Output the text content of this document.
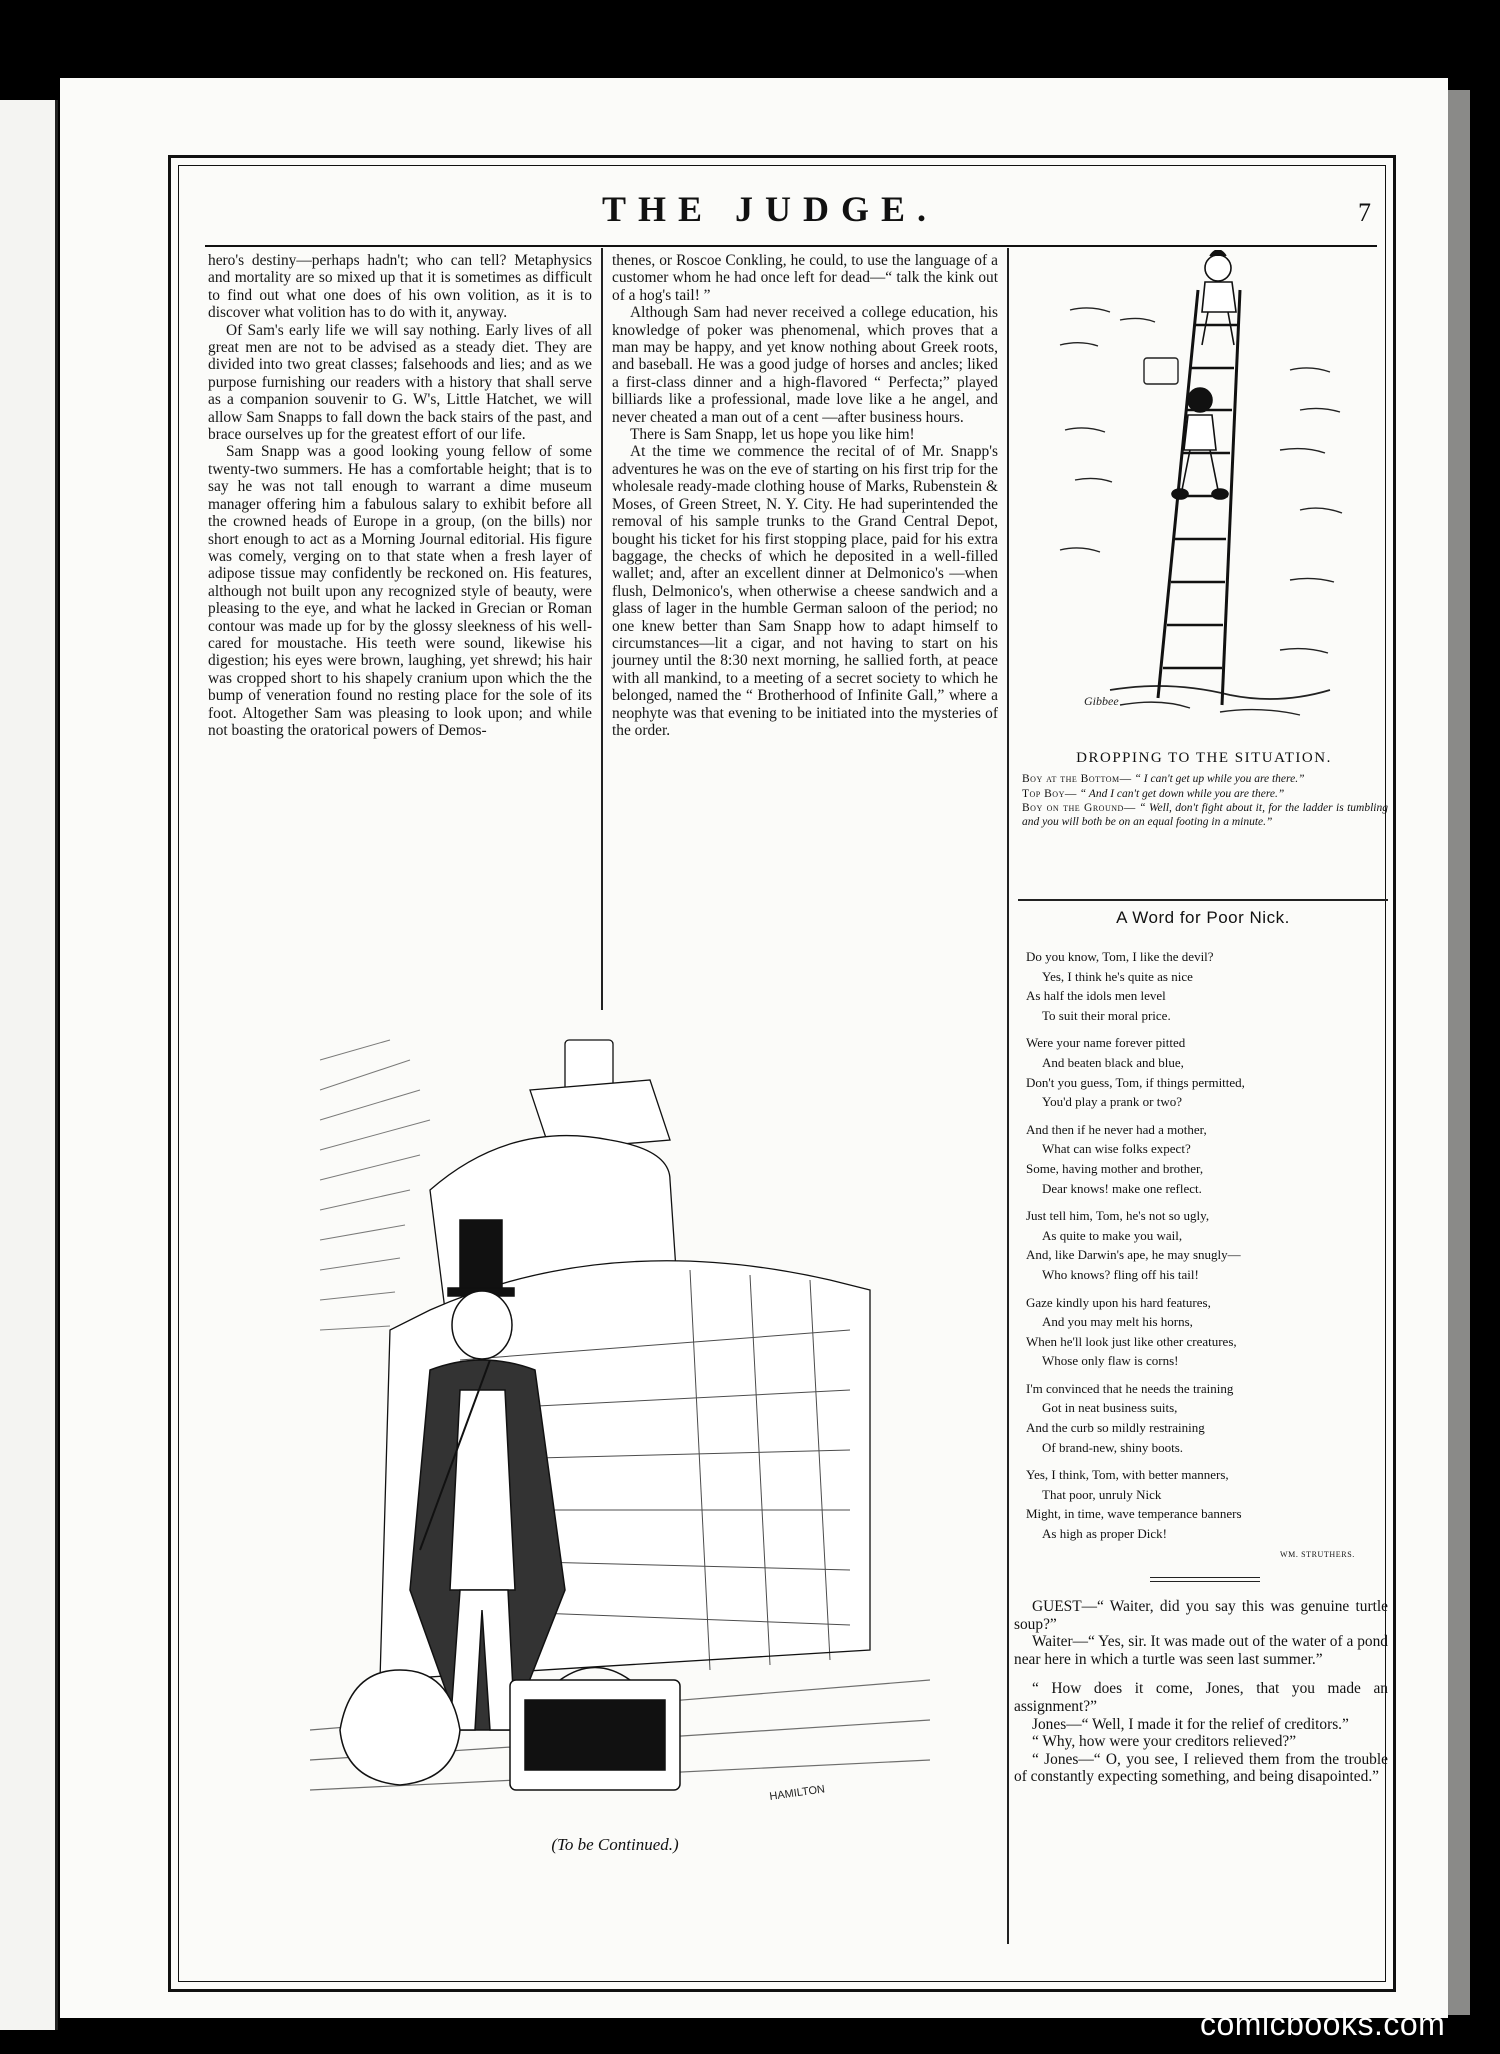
THE JUDGE.	7

hero's destiny—perhaps hadn't; who can tell? Metaphysics and mortality are so mixed up that it is sometimes as difficult to find out what one does of his own volition, as it is to discover what volition has to do with it, anyway.

Of Sam's early life we will say nothing. Early lives of all great men are not to be advised as a steady diet. They are divided into two great classes; falsehoods and lies; and as we purpose furnishing our readers with a history that shall serve as a companion souvenir to G. W's, Little Hatchet, we will allow Sam Snapps to fall down the back stairs of the past, and brace ourselves up for the greatest effort of our life.

Sam Snapp was a good looking young fellow of some twenty-two summers. He has a comfortable height; that is to say he was not tall enough to warrant a dime museum manager offering him a fabulous salary to exhibit before all the crowned heads of Europe in a group, (on the bills) nor short enough to act as a Morning Journal editorial. His figure was comely, verging on to that state when a fresh layer of adipose tissue may confidently be reckoned on. His features, although not built upon any recognized style of beauty, were pleasing to the eye, and what he lacked in Grecian or Roman contour was made up for by the glossy sleekness of his well-cared for moustache. His teeth were sound, likewise his digestion; his eyes were brown, laughing, yet shrewd; his hair was cropped short to his shapely cranium upon which the the bump of veneration found no resting place for the sole of its foot. Altogether Sam was pleasing to look upon; and while not boasting the oratorical powers of Demos-

thenes, or Roscoe Conkling, he could, to use the language of a customer whom he had once left for dead—“ talk the kink out of a hog's tail! ”

Although Sam had never received a college education, his knowledge of poker was phenomenal, which proves that a man may be happy, and yet know nothing about Greek roots, and baseball. He was a good judge of horses and ancles; liked a first-class dinner and a high-flavored “ Perfecta;” played billiards like a professional, made love like a he angel, and never cheated a man out of a cent —after business hours.

There is Sam Snapp, let us hope you like him!

At the time we commence the recital of of Mr. Snapp's adventures he was on the eve of starting on his first trip for the wholesale ready-made clothing house of Marks, Rubenstein & Moses, of Green Street, N. Y. City. He had superintended the removal of his sample trunks to the Grand Central Depot, bought his ticket for his first stopping place, paid for his extra baggage, the checks of which he deposited in a well-filled wallet; and, after an excellent dinner at Delmonico's —when flush, Delmonico's, when otherwise a cheese sandwich and a glass of lager in the humble German saloon of the period; no one knew better than Sam Snapp how to adapt himself to circumstances—lit a cigar, and not having to start on his journey until the 8:30 next morning, he sallied forth, at peace with all mankind, to a meeting of a secret society to which he belonged, named the “ Brotherhood of Infinite Gall,” where a neophyte was that evening to be initiated into the mysteries of the order.

Gibbee
DROPPING TO THE SITUATION.
Boy at the Bottom— “ I can't get up while you are there.”
Top Boy— “ And I can't get down while you are there.”
Boy on the Ground— “ Well, don't fight about it, for the ladder is tumbling and you will both be on an equal footing in a minute.”
A Word for Poor Nick.
Do you know, Tom, I like the devil?
Yes, I think he's quite as nice
As half the idols men level
To suit their moral price.
Were your name forever pitted
And beaten black and blue,
Don't you guess, Tom, if things permitted,
You'd play a prank or two?
And then if he never had a mother,
What can wise folks expect?
Some, having mother and brother,
Dear knows! make one reflect.
Just tell him, Tom, he's not so ugly,
As quite to make you wail,
And, like Darwin's ape, he may snugly—
Who knows? fling off his tail!
Gaze kindly upon his hard features,
And you may melt his horns,
When he'll look just like other creatures,
Whose only flaw is corns!
I'm convinced that he needs the training
Got in neat business suits,
And the curb so mildly restraining
Of brand-new, shiny boots.
Yes, I think, Tom, with better manners,
That poor, unruly Nick
Might, in time, wave temperance banners
As high as proper Dick!
WM. STRUTHERS.

GUEST—“ Waiter, did you say this was genuine turtle soup?”

Waiter—“ Yes, sir. It was made out of the water of a pond near here in which a turtle was seen last summer.”

“ How does it come, Jones, that you made an assignment?”

Jones—“ Well, I made it for the relief of creditors.”

“ Why, how were your creditors relieved?”

“ Jones—“ O, you see, I relieved them from the trouble of constantly expecting something, and being disapointed.”

HAMILTON
(To be Continued.)
comicbooks.com
